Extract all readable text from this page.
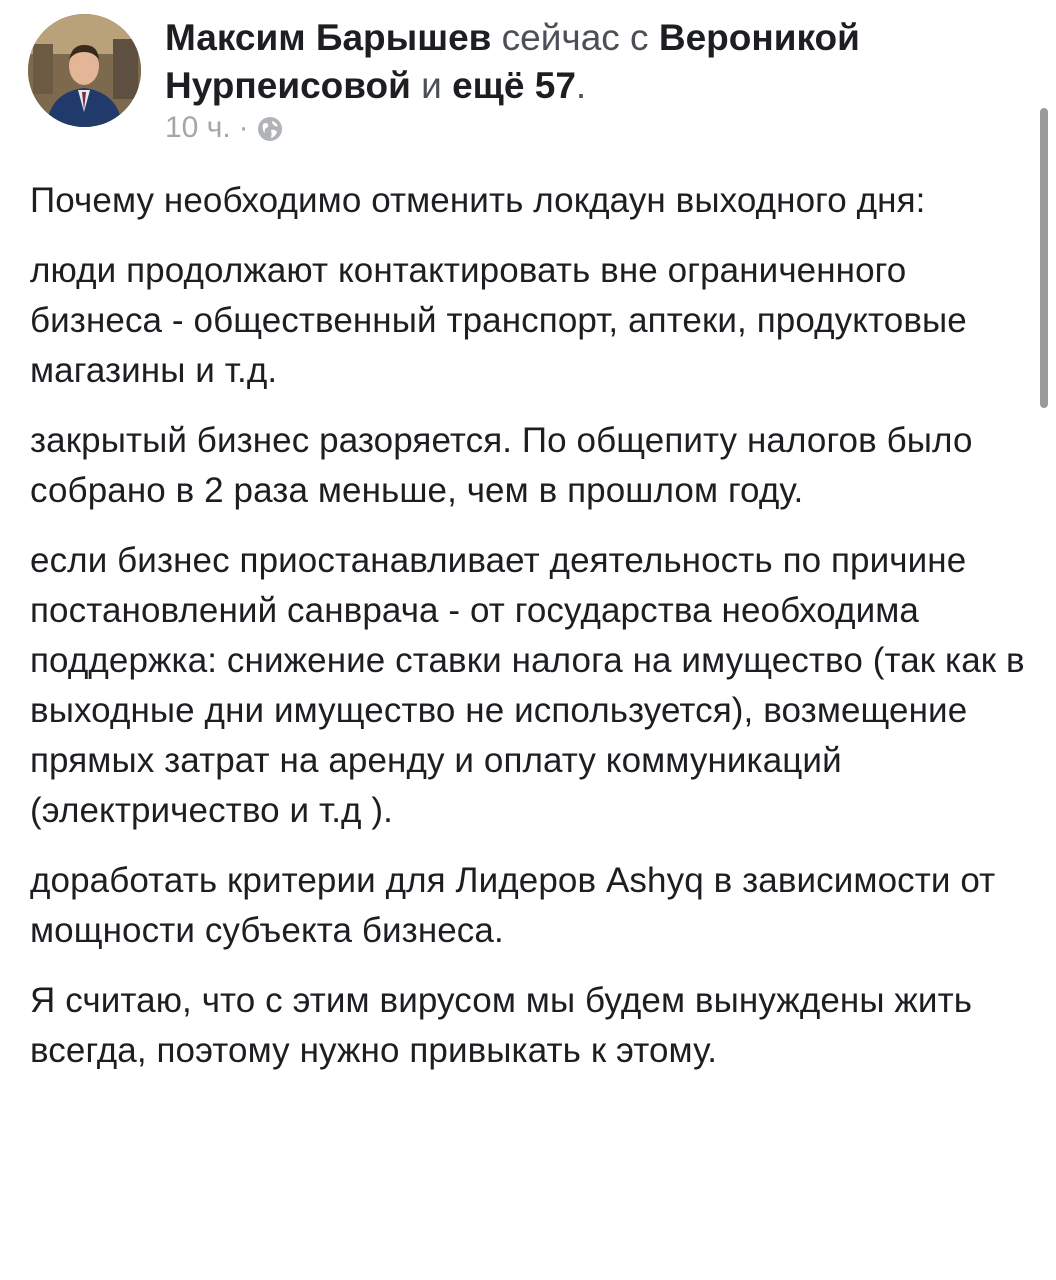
Максим Барышев сейчас с Вероникой Нурпеисовой и ещё 57.
10 ч. ·

Почему необходимо отменить локдаун выходного дня:

люди продолжают контактировать вне ограниченного бизнеса - общественный транспорт, аптеки, продуктовые магазины и т.д.

закрытый бизнес разоряется. По общепиту налогов было собрано в 2 раза меньше, чем в прошлом году.

если бизнес приостанавливает деятельность по причине постановлений санврача - от государства необходима поддержка: снижение ставки налога на имущество (так как в выходные дни имущество не используется), возмещение прямых затрат на аренду и оплату коммуникаций (электричество и т.д ).

доработать критерии для Лидеров Ashyq в зависимости от мощности субъекта бизнеса.

Я считаю, что с этим вирусом мы будем вынуждены жить всегда, поэтому нужно привыкать к этому.
